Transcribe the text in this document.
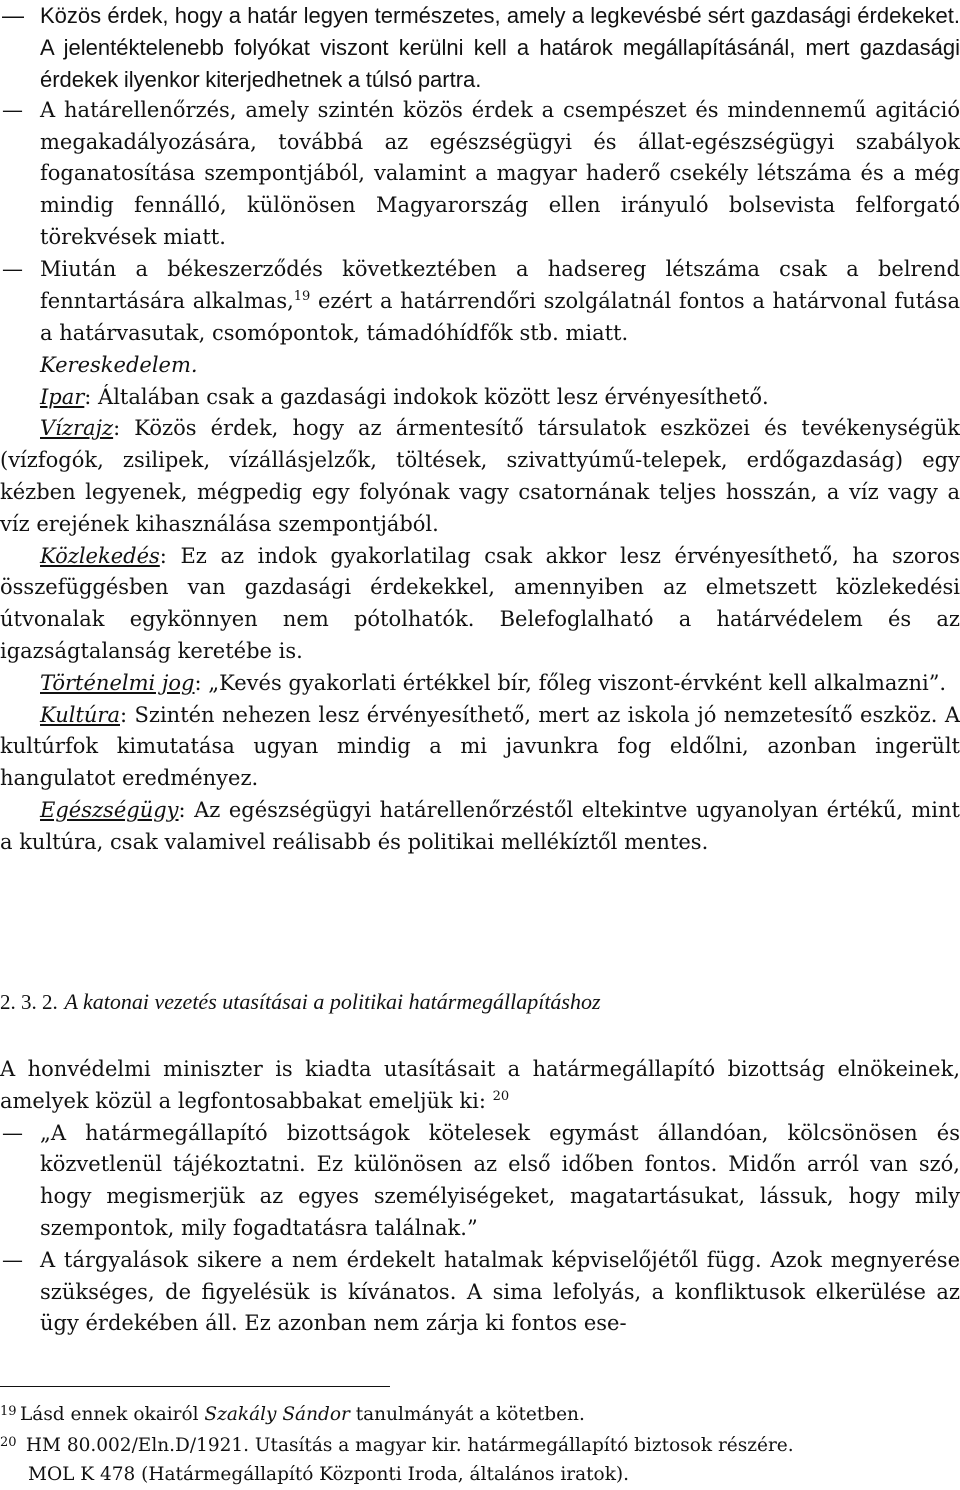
— Közös érdek, hogy a határ legyen természetes, amely a legkevésbé sért gazdasági érdekeket. A jelentéktelenebb folyókat viszont kerülni kell a határok megállapításánál, mert gazdasági érdekek ilyenkor kiterjedhetnek a túlsó partra.

— A határellenőrzés, amely szintén közös érdek a csempészet és mindennemű agitáció megakadályozására, továbbá az egészségügyi és állat-egészségügyi szabályok foganatosítása szempontjából, valamint a magyar haderő csekély létszáma és a még mindig fennálló, különösen Magyarország ellen irányuló bolsevista felforgató törekvések miatt.

— Miután a békeszerződés következtében a hadsereg létszáma csak a belrend fenntartására alkalmas,$^{19}$ ezért a határrendőri szolgálatnál fontos a határvonal futása a határvasutak, csomópontok, támadóhídfők stb. miatt.

Kereskedelem.

Ipar: Általában csak a gazdasági indokok között lesz érvényesíthető.

Vízrajz: Közös érdek, hogy az ármentesítő társulatok eszközei és tevékenységük (vízfogók, zsilipek, vízállásjelzők, töltések, szivattyúmű-telepek, erdőgazdaság) egy kézben legyenek, mégpedig egy folyónak vagy csatornának teljes hosszán, a víz vagy a víz erejének kihasználása szempontjából.

Közlekedés: Ez az indok gyakorlatilag csak akkor lesz érvényesíthető, ha szoros összefüggésben van gazdasági érdekekkel, amennyiben az elmetszett közlekedési útvonalak egykönnyen nem pótolhatók. Belefoglalható a határvédelem és az igazságtalanság keretébe is.

Történelmi jog: „Kevés gyakorlati értékkel bír, főleg viszont-érvként kell alkalmazni”.

Kultúra: Szintén nehezen lesz érvényesíthető, mert az iskola jó nemzetesítő eszköz. A kultúrfok kimutatása ugyan mindig a mi javunkra fog eldőlni, azonban ingerült hangulatot eredményez.

Egészségügy: Az egészségügyi határellenőrzéstől eltekintve ugyanolyan értékű, mint a kultúra, csak valamivel reálisabb és politikai mellékíztől mentes.

2. 3. 2. A katonai vezetés utasításai a politikai határmegállapításhoz

A honvédelmi miniszter is kiadta utasításait a határmegállapító bizottság elnökeinek, amelyek közül a legfontosabbakat emeljük ki: $^{20}$

— „A határmegállapító bizottságok kötelesek egymást állandóan, kölcsönösen és közvetlenül tájékoztatni. Ez különösen az első időben fontos. Midőn arról van szó, hogy megismerjük az egyes személyiségeket, magatartásukat, lássuk, hogy mily szempontok, mily fogadtatásra találnak.”

— A tárgyalások sikere a nem érdekelt hatalmak képviselőjétől függ. Azok megnyerése szükséges, de figyelésük is kívánatos. A sima lefolyás, a konfliktusok elkerülése az ügy érdekében áll. Ez azonban nem zárja ki fontos ese-

19 Lásd ennek okairól Szakály Sándor tanulmányát a kötetben.
20 HM 80.002/Eln.D/1921. Utasítás a magyar kir. határmegállapító biztosok részére.
MOL K 478 (Határmegállapító Központi Iroda, általános iratok).
